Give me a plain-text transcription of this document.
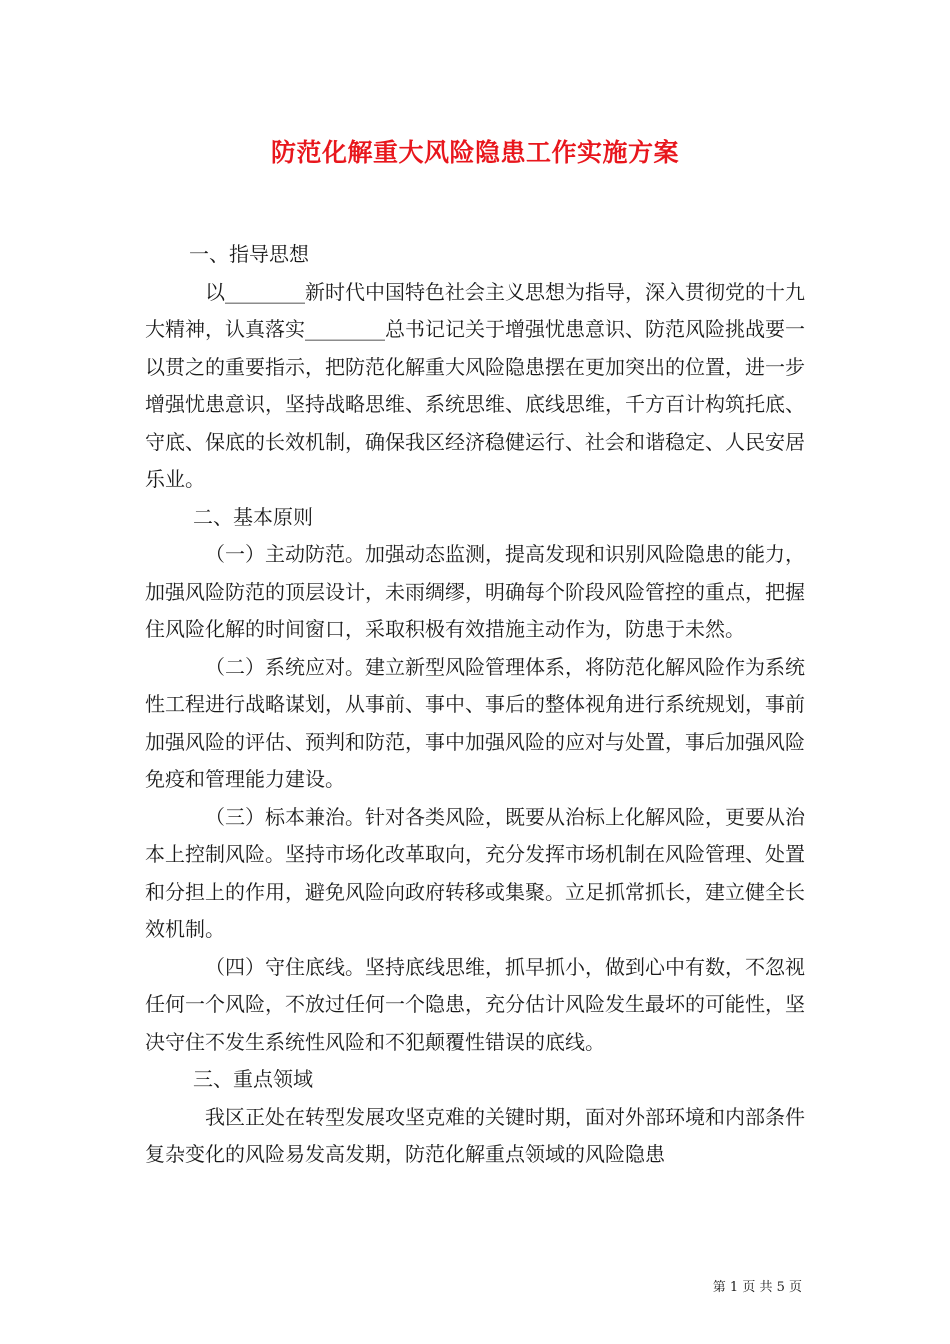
防范化解重大风险隐患工作实施方案

一、指导思想

以________新时代中国特色社会主义思想为指导，深入贯彻党的十九大精神，认真落实________总书记记关于增强忧患意识、防范风险挑战要一以贯之的重要指示，把防范化解重大风险隐患摆在更加突出的位置，进一步增强忧患意识，坚持战略思维、系统思维、底线思维，千方百计构筑托底、守底、保底的长效机制，确保我区经济稳健运行、社会和谐稳定、人民安居乐业。

二、基本原则

（一）主动防范。加强动态监测，提高发现和识别风险隐患的能力，加强风险防范的顶层设计，未雨绸缪，明确每个阶段风险管控的重点，把握住风险化解的时间窗口，采取积极有效措施主动作为，防患于未然。

（二）系统应对。建立新型风险管理体系，将防范化解风险作为系统性工程进行战略谋划，从事前、事中、事后的整体视角进行系统规划，事前加强风险的评估、预判和防范，事中加强风险的应对与处置，事后加强风险免疫和管理能力建设。

（三）标本兼治。针对各类风险，既要从治标上化解风险，更要从治本上控制风险。坚持市场化改革取向，充分发挥市场机制在风险管理、处置和分担上的作用，避免风险向政府转移或集聚。立足抓常抓长，建立健全长效机制。

（四）守住底线。坚持底线思维，抓早抓小，做到心中有数，不忽视任何一个风险，不放过任何一个隐患，充分估计风险发生最坏的可能性，坚决守住不发生系统性风险和不犯颠覆性错误的底线。

三、重点领域

我区正处在转型发展攻坚克难的关键时期，面对外部环境和内部条件复杂变化的风险易发高发期，防范化解重点领域的风险隐患

第 1 页 共 5 页
